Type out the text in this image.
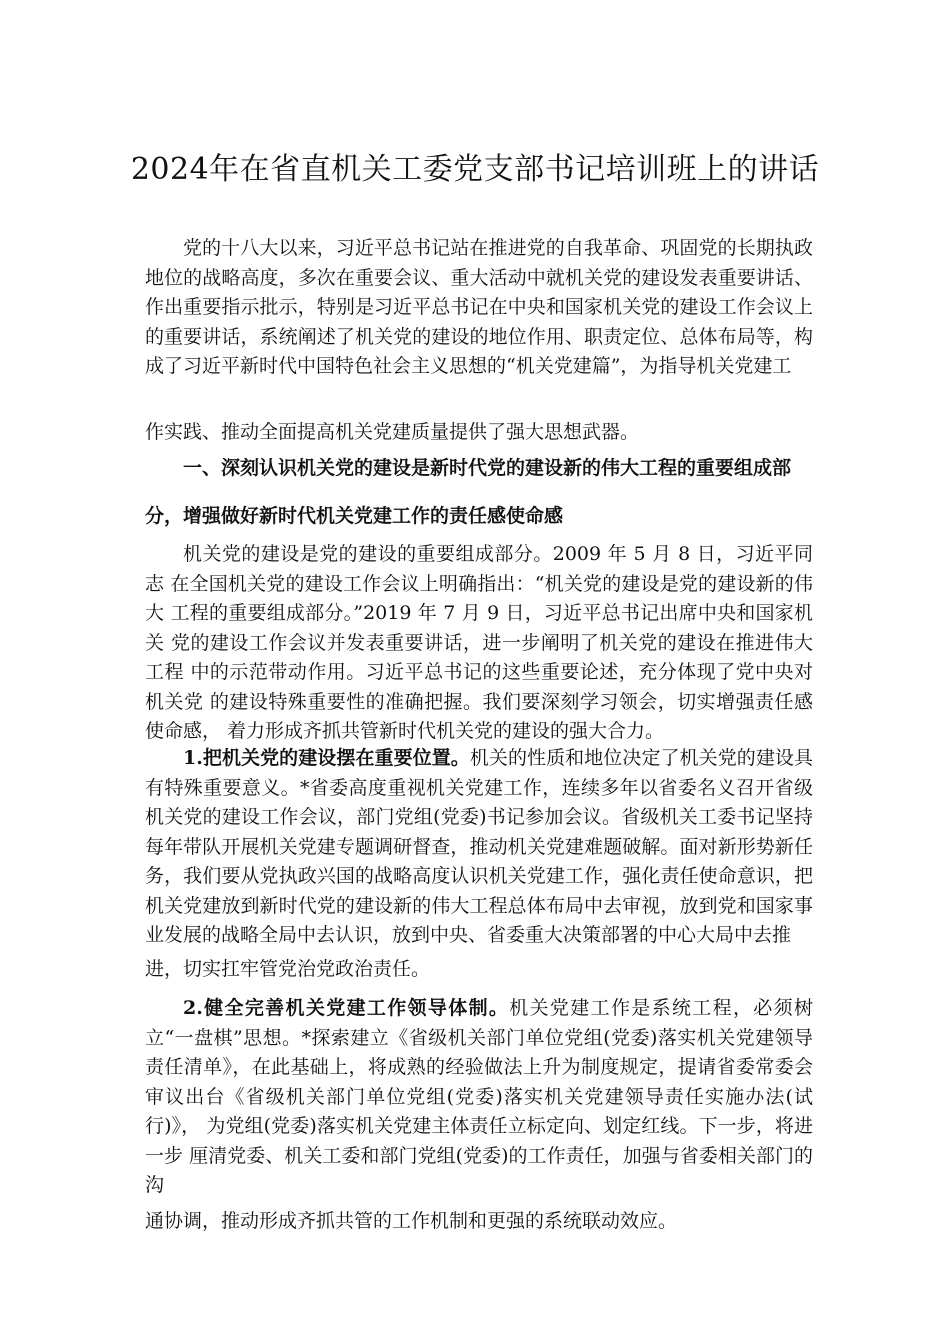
2024年在省直机关工委党支部书记培训班上的讲话
党的十八大以来，习近平总书记站在推进党的自我革命、巩固党的长期执政地位的战略高度，多次在重要会议、重大活动中就机关党的建设发表重要讲话、 作出重要指示批示，特别是习近平总书记在中央和国家机关党的建设工作会议上 的重要讲话，系统阐述了机关党的建设的地位作用、职责定位、总体布局等，构 成了习近平新时代中国特色社会主义思想的“机关党建篇”，为指导机关党建工
作实践、推动全面提高机关党建质量提供了强大思想武器。
一、深刻认识机关党的建设是新时代党的建设新的伟大工程的重要组成部
分，增强做好新时代机关党建工作的责任感使命感
机关党的建设是党的建设的重要组成部分。2009 年 5 月 8 日，习近平同志 在全国机关党的建设工作会议上明确指出：“机关党的建设是党的建设新的伟大 工程的重要组成部分。”2019 年 7 月 9 日，习近平总书记出席中央和国家机关 党的建设工作会议并发表重要讲话，进一步阐明了机关党的建设在推进伟大工程 中的示范带动作用。习近平总书记的这些重要论述，充分体现了党中央对机关党 的建设特殊重要性的准确把握。我们要深刻学习领会，切实增强责任感使命感， 着力形成齐抓共管新时代机关党的建设的强大合力。
1.把机关党的建设摆在重要位置。机关的性质和地位决定了机关党的建设具有特殊重要意义。*省委高度重视机关党建工作，连续多年以省委名义召开省级机关党的建设工作会议，部门党组(党委)书记参加会议。省级机关工委书记坚持每年带队开展机关党建专题调研督查，推动机关党建难题破解。面对新形势新任务，我们要从党执政兴国的战略高度认识机关党建工作，强化责任使命意识，把机关党建放到新时代党的建设新的伟大工程总体布局中去审视，放到党和国家事业发展的战略全局中去认识，放到中央、省委重大决策部署的中心大局中去推
进，切实扛牢管党治党政治责任。
2.健全完善机关党建工作领导体制。机关党建工作是系统工程，必须树立“一盘棋”思想。*探索建立《省级机关部门单位党组(党委)落实机关党建领导责任清单》，在此基础上，将成熟的经验做法上升为制度规定，提请省委常委会审议出台《省级机关部门单位党组(党委)落实机关党建领导责任实施办法(试行)》， 为党组(党委)落实机关党建主体责任立标定向、划定红线。下一步，将进一步 厘清党委、机关工委和部门党组(党委)的工作责任，加强与省委相关部门的沟
通协调，推动形成齐抓共管的工作机制和更强的系统联动效应。
